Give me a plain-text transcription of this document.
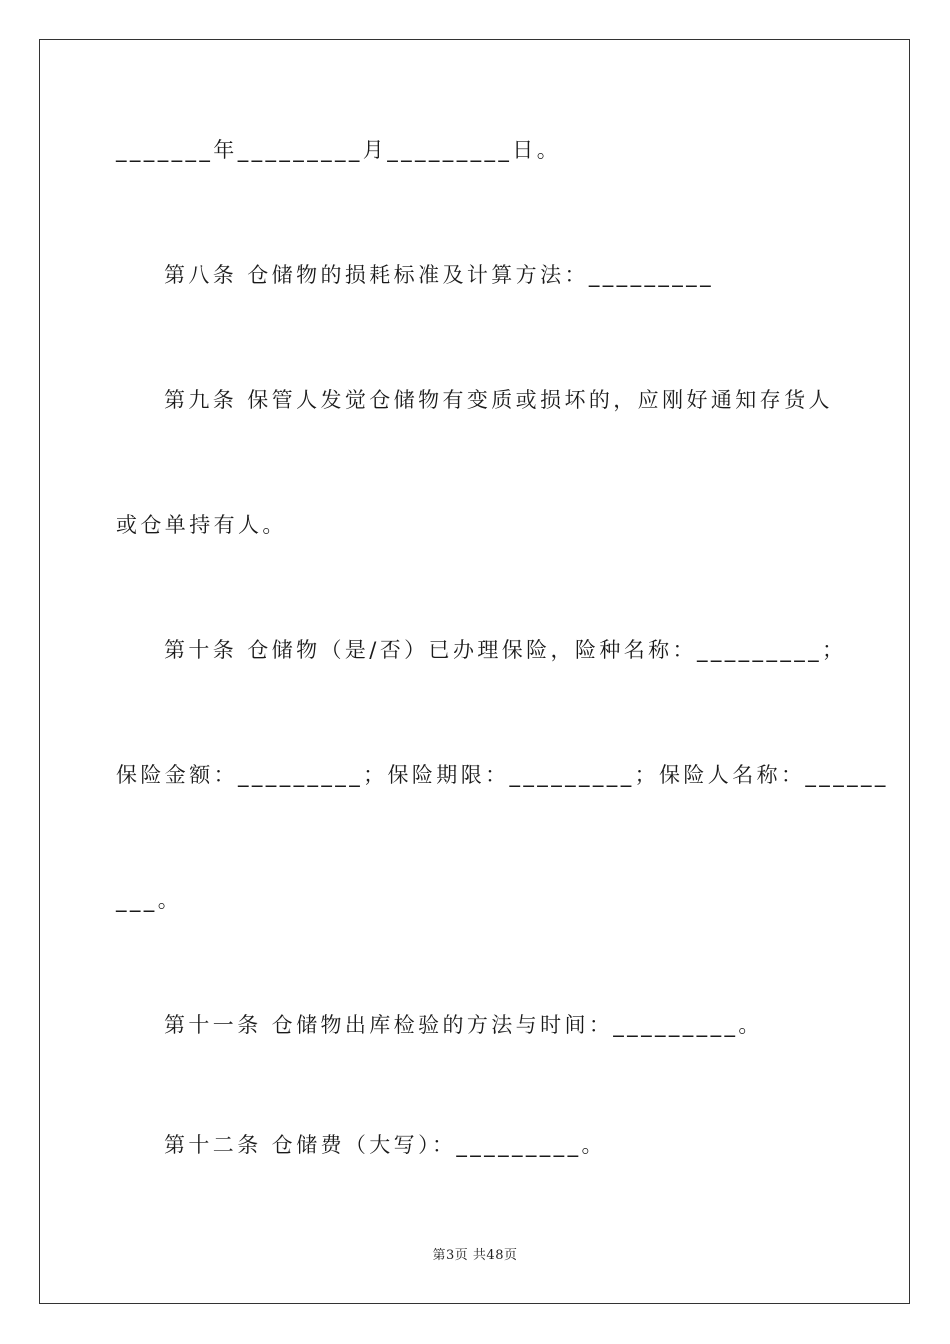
_______年_________月_________日。
第八条 仓储物的损耗标准及计算方法：_________
第九条 保管人发觉仓储物有变质或损坏的，应刚好通知存货人
或仓单持有人。
第十条 仓储物（是/否）已办理保险，险种名称：_________；
保险金额：_________；保险期限：_________；保险人名称：______
___。
第十一条 仓储物出库检验的方法与时间：_________。
第十二条 仓储费（大写）：_________。
第3页 共48页
